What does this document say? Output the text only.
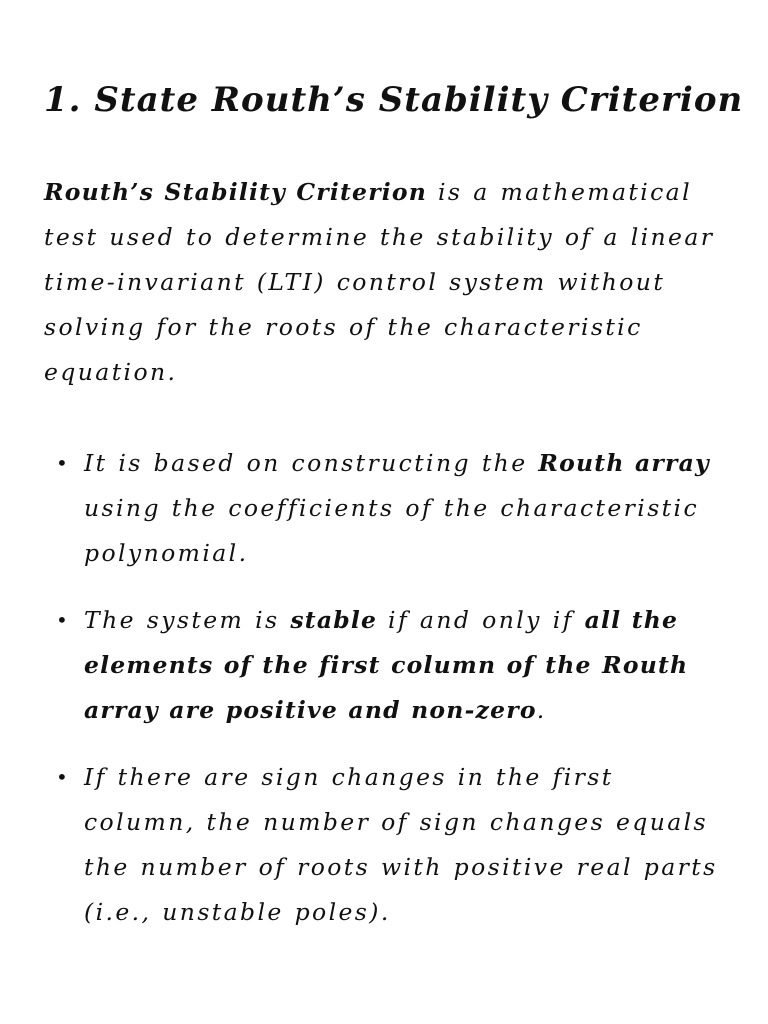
1. State Routh’s Stability Criterion

Routh’s Stability Criterion is a mathematical test used to determine the stability of a linear time-invariant (LTI) control system without solving for the roots of the characteristic equation.

• It is based on constructing the Routh array using the coefficients of the characteristic polynomial.
• The system is stable if and only if all the elements of the first column of the Routh array are positive and non-zero.
• If there are sign changes in the first column, the number of sign changes equals the number of roots with positive real parts (i.e., unstable poles).
